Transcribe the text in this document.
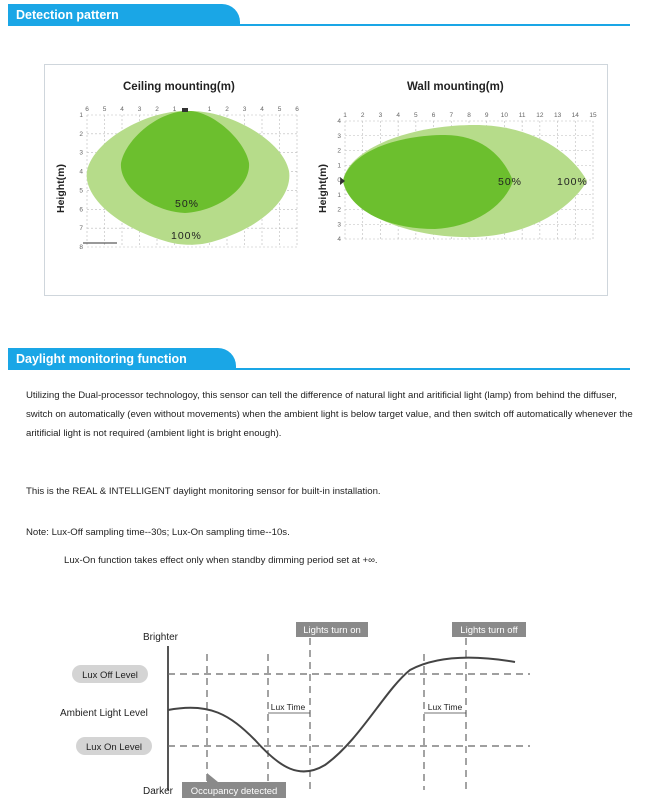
Detection pattern
Ceiling mounting(m)
Height(m)
6 5 4 3 2 1	1 2 3 4 5 6
1
2
3
4
5
6
7
8
50%
100%
Wall mounting(m)
Height(m)
1 2 3 4 5 6 7 8 9 10 11 12 13 14 15
4
3
2
1
0
1
2
3
4
50%	100%
Daylight monitoring function
Utilizing the Dual-processor technologoy, this sensor can tell the difference of natural light and aritificial light (lamp) from behind the diffuser, switch on automatically (even without movements) when the ambient light is below target value, and then switch off automatically whenever the aritificial light is not required (ambient light is bright enough).
This is the REAL & INTELLIGENT daylight monitoring sensor for built-in installation.
Note: Lux-Off sampling time--30s; Lux-On sampling time--10s.
Lux-On function takes effect only when standby dimming period set at +∞.
Brighter
Lux Off Level
Ambient Light Level
Lux On Level
Darker
Lights turn on	Lights turn off
Lux Time	Lux Time
Occupancy detected
